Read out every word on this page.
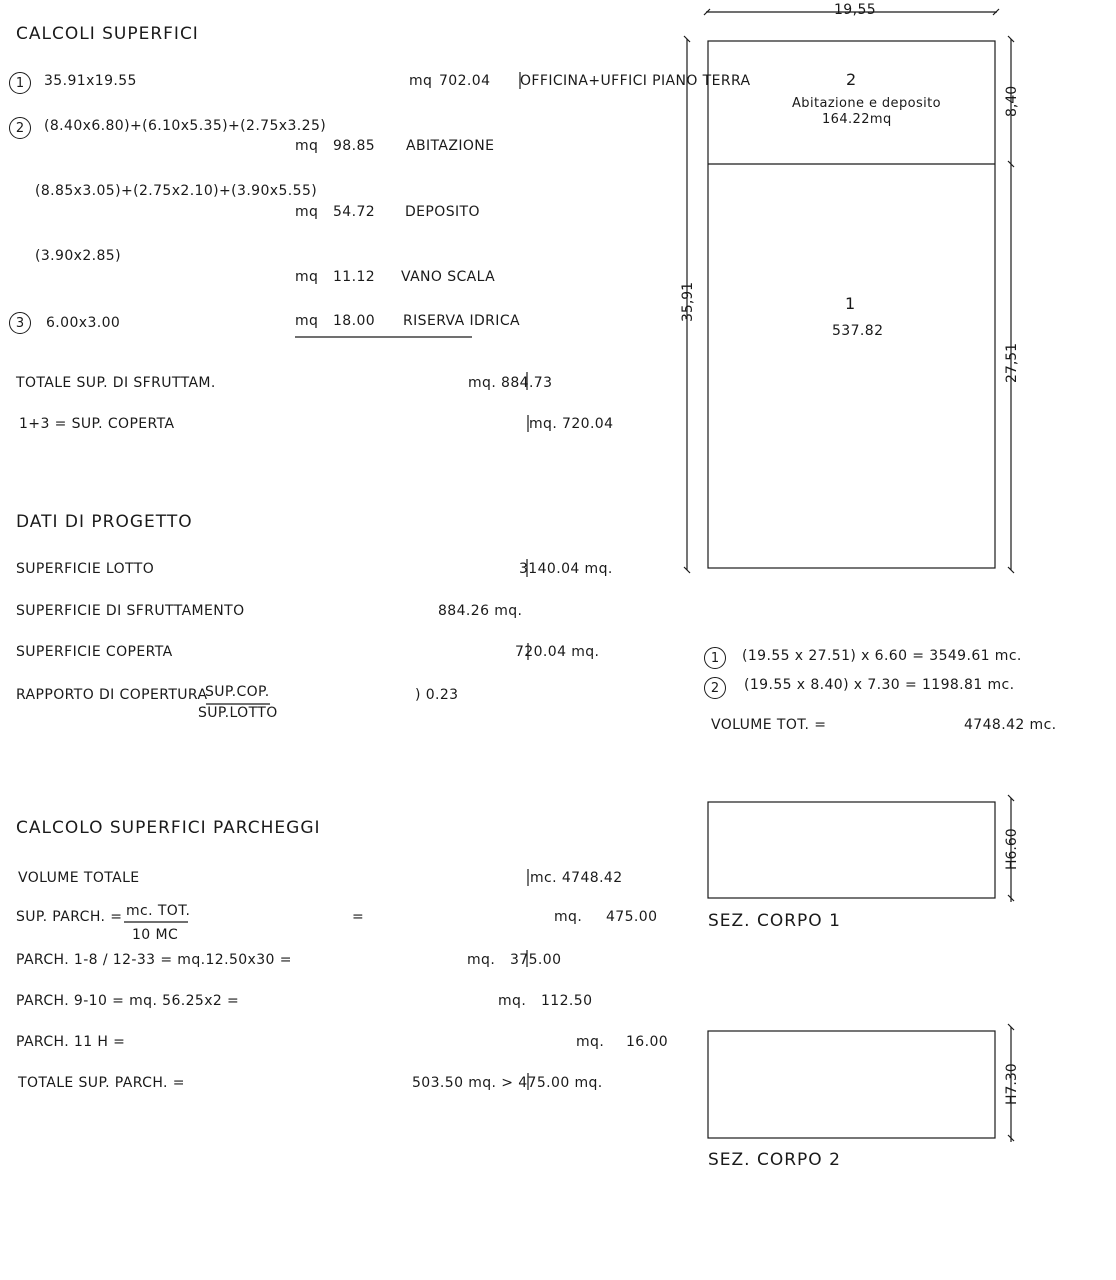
CALCOLI SUPERFICI
1	35.91x19.55	mq 702.04 OFFICINA+UFFICI PIANO TERRA
2	(8.40x6.80)+(6.10x5.35)+(2.75x3.25)
mq 98.85 ABITAZIONE
(8.85x3.05)+(2.75x2.10)+(3.90x5.55)
mq 54.72 DEPOSITO
(3.90x2.85)
mq 11.12 VANO SCALA
3	6.00x3.00	mq 18.00 RISERVA IDRICA
TOTALE SUP. DI SFRUTTAM.	mq. 884.73
1+3 = SUP. COPERTA	mq. 720.04
DATI DI PROGETTO
SUPERFICIE LOTTO	3140.04 mq.
SUPERFICIE DI SFRUTTAMENTO	884.26 mq.
SUPERFICIE COPERTA	720.04 mq.
RAPPORTO DI COPERTURA
SUP.COP.
SUP.LOTTO
) 0.23
CALCOLO SUPERFICI PARCHEGGI
VOLUME TOTALE	mc. 4748.42
SUP. PARCH. = mc. TOT.
10 MC
=	mq. 475.00
PARCH. 1-8 / 12-33 = mq.12.50x30 =	mq. 375.00
PARCH. 9-10 = mq. 56.25x2 =	mq. 112.50
PARCH. 11 H =	mq. 16.00
TOTALE SUP. PARCH. =	503.50 mq. > 475.00 mq.
19,55
35,91
8,40
27,51
2
Abitazione e deposito
164.22mq
1
537.82
1	(19.55 x 27.51) x 6.60 = 3549.61 mc.
2	(19.55 x 8.40) x 7.30 = 1198.81 mc.
VOLUME TOT. =	4748.42 mc.
SEZ. CORPO 1
H6.60
SEZ. CORPO 2
H7.30
